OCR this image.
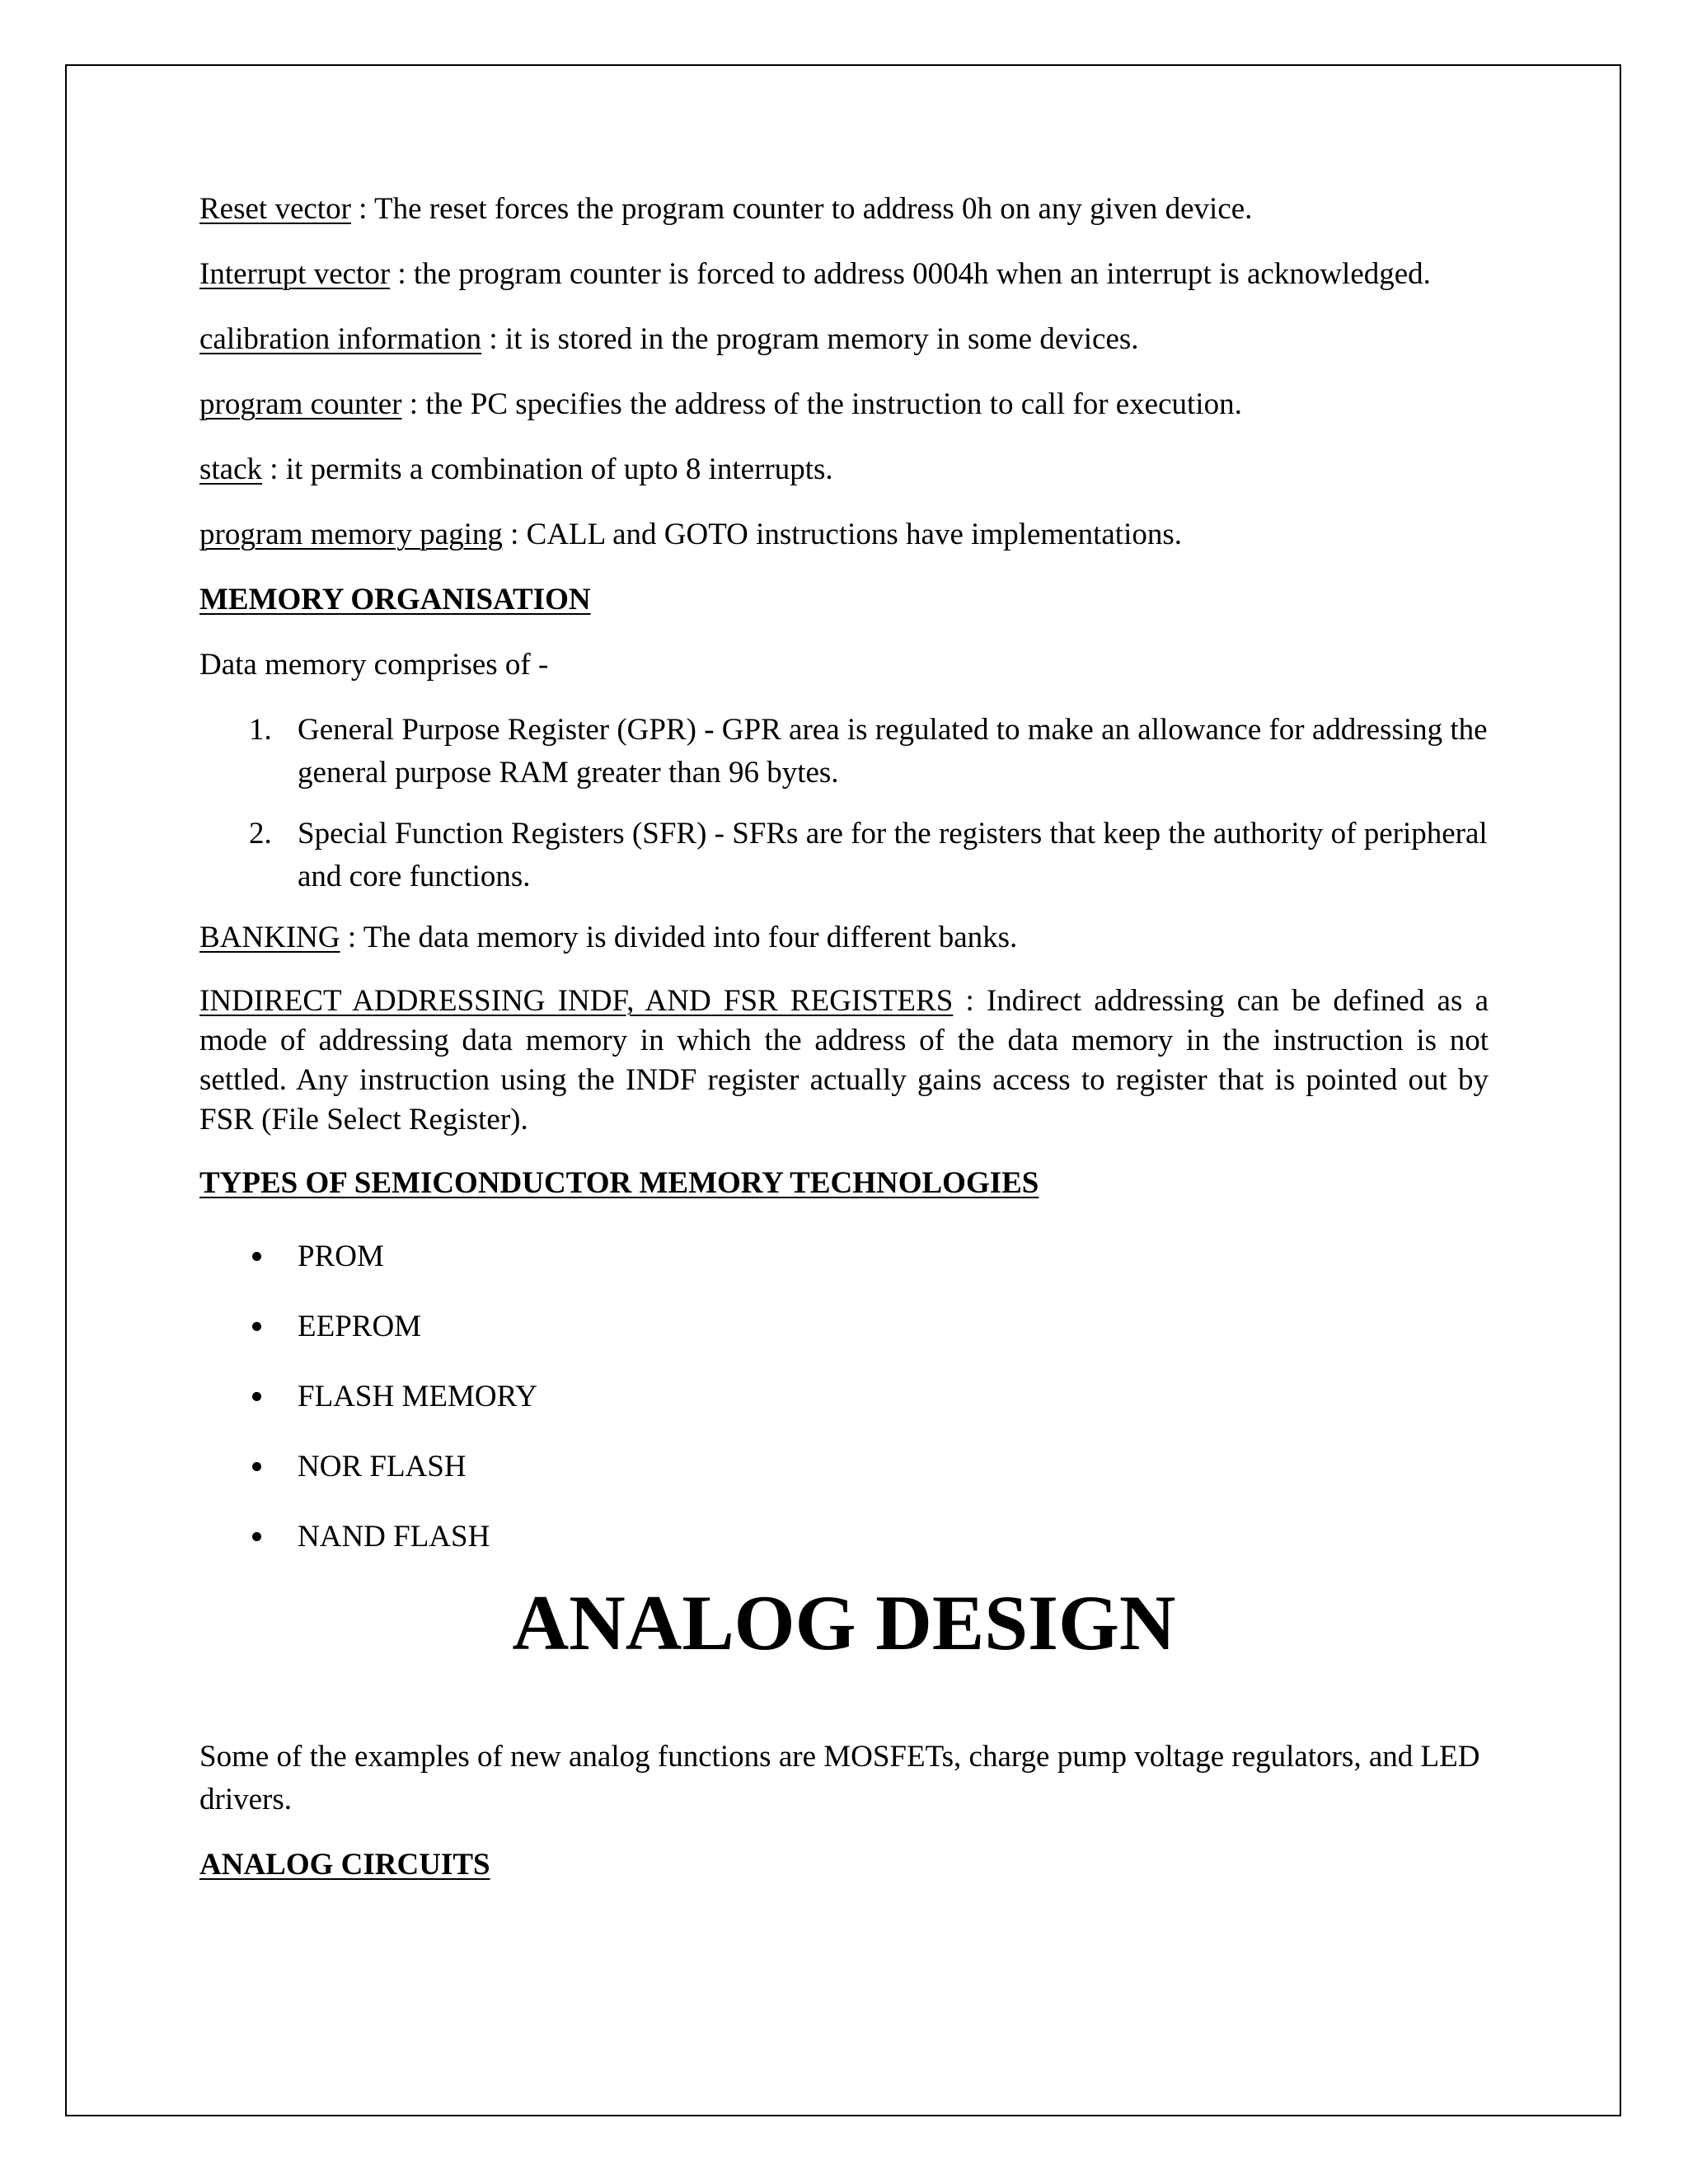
Reset vector : The reset forces the program counter to address 0h on any given device.

Interrupt vector : the program counter is forced to address 0004h when an interrupt is acknowledged.

calibration information : it is stored in the program memory in some devices.

program counter : the PC specifies the address of the instruction to call for execution.

stack : it permits a combination of upto 8 interrupts.

program memory paging : CALL and GOTO instructions have implementations.

MEMORY ORGANISATION

Data memory comprises of -

1. General Purpose Register (GPR) - GPR area is regulated to make an allowance for addressing the general purpose RAM greater than 96 bytes.
2. Special Function Registers (SFR) - SFRs are for the registers that keep the authority of peripheral and core functions.

BANKING : The data memory is divided into four different banks.

INDIRECT ADDRESSING INDF, AND FSR REGISTERS : Indirect addressing can be defined as a mode of addressing data memory in which the address of the data memory in the instruction is not settled. Any instruction using the INDF register actually gains access to register that is pointed out by FSR (File Select Register).

TYPES OF SEMICONDUCTOR MEMORY TECHNOLOGIES

PROM
EEPROM
FLASH MEMORY
NOR FLASH
NAND FLASH
ANALOG DESIGN

Some of the examples of new analog functions are MOSFETs, charge pump voltage regulators, and LED drivers.

ANALOG CIRCUITS
